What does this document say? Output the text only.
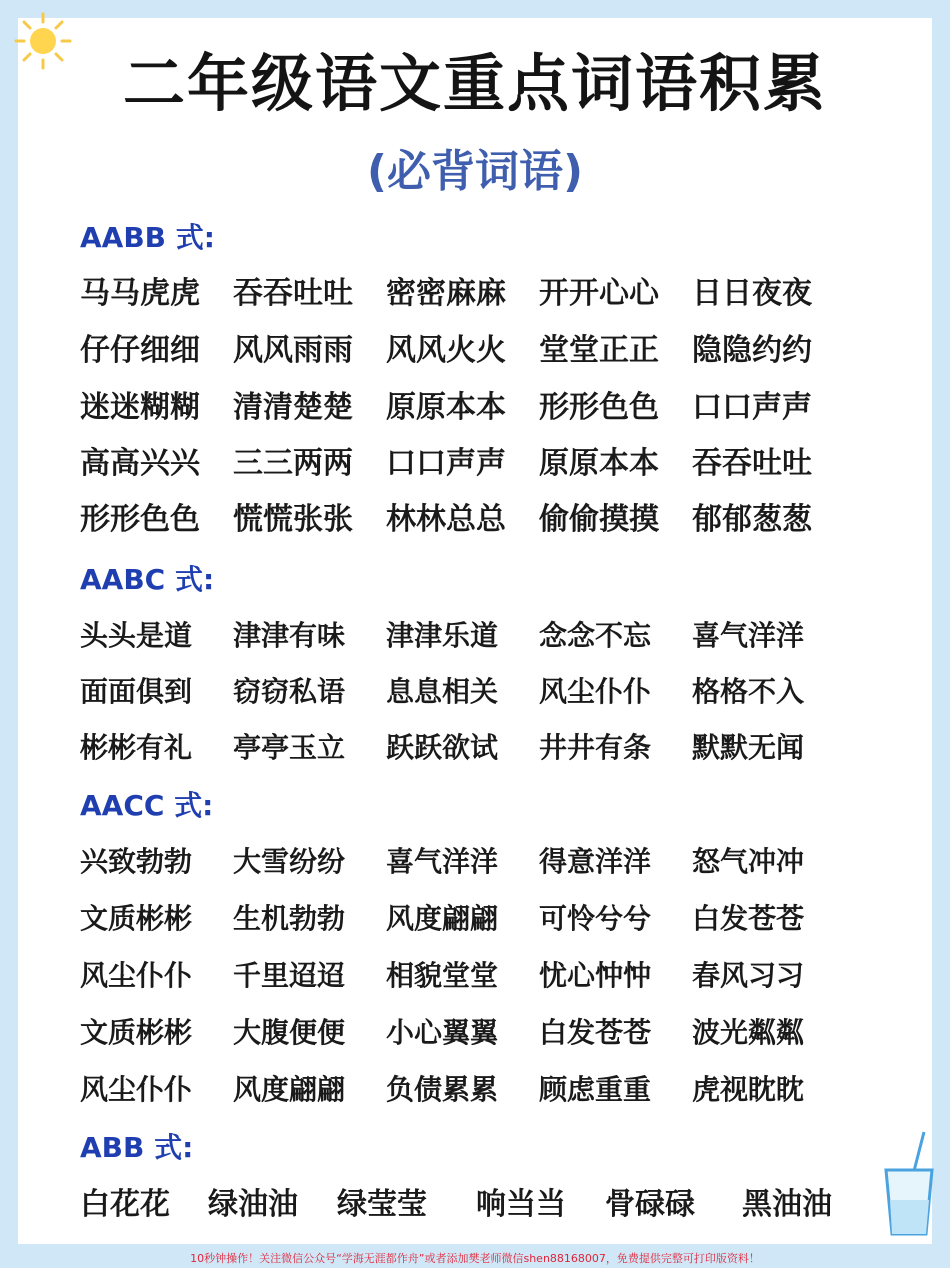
二年级语文重点词语积累
(必背词语)
AABB 式:
马马虎虎 吞吞吐吐 密密麻麻 开开心心 日日夜夜
仔仔细细 风风雨雨 风风火火 堂堂正正 隐隐约约
迷迷糊糊 清清楚楚 原原本本 形形色色 口口声声
高高兴兴 三三两两 口口声声 原原本本 吞吞吐吐
形形色色 慌慌张张 林林总总 偷偷摸摸 郁郁葱葱
AABC 式:
头头是道 津津有味 津津乐道 念念不忘 喜气洋洋
面面俱到 窃窃私语 息息相关 风尘仆仆 格格不入
彬彬有礼 亭亭玉立 跃跃欲试 井井有条 默默无闻
AACC 式:
兴致勃勃 大雪纷纷 喜气洋洋 得意洋洋 怒气冲冲
文质彬彬 生机勃勃 风度翩翩 可怜兮兮 白发苍苍
风尘仆仆 千里迢迢 相貌堂堂 忧心忡忡 春风习习
文质彬彬 大腹便便 小心翼翼 白发苍苍 波光粼粼
风尘仆仆 风度翩翩 负债累累 顾虑重重 虎视眈眈
ABB 式:
白花花 绿油油 绿莹莹 响当当 骨碌碌 黑油油
10秒钟操作！关注微信公众号“学海无涯都作舟”或者添加樊老师微信shen88168007，免费提供完整可打印版资料！
